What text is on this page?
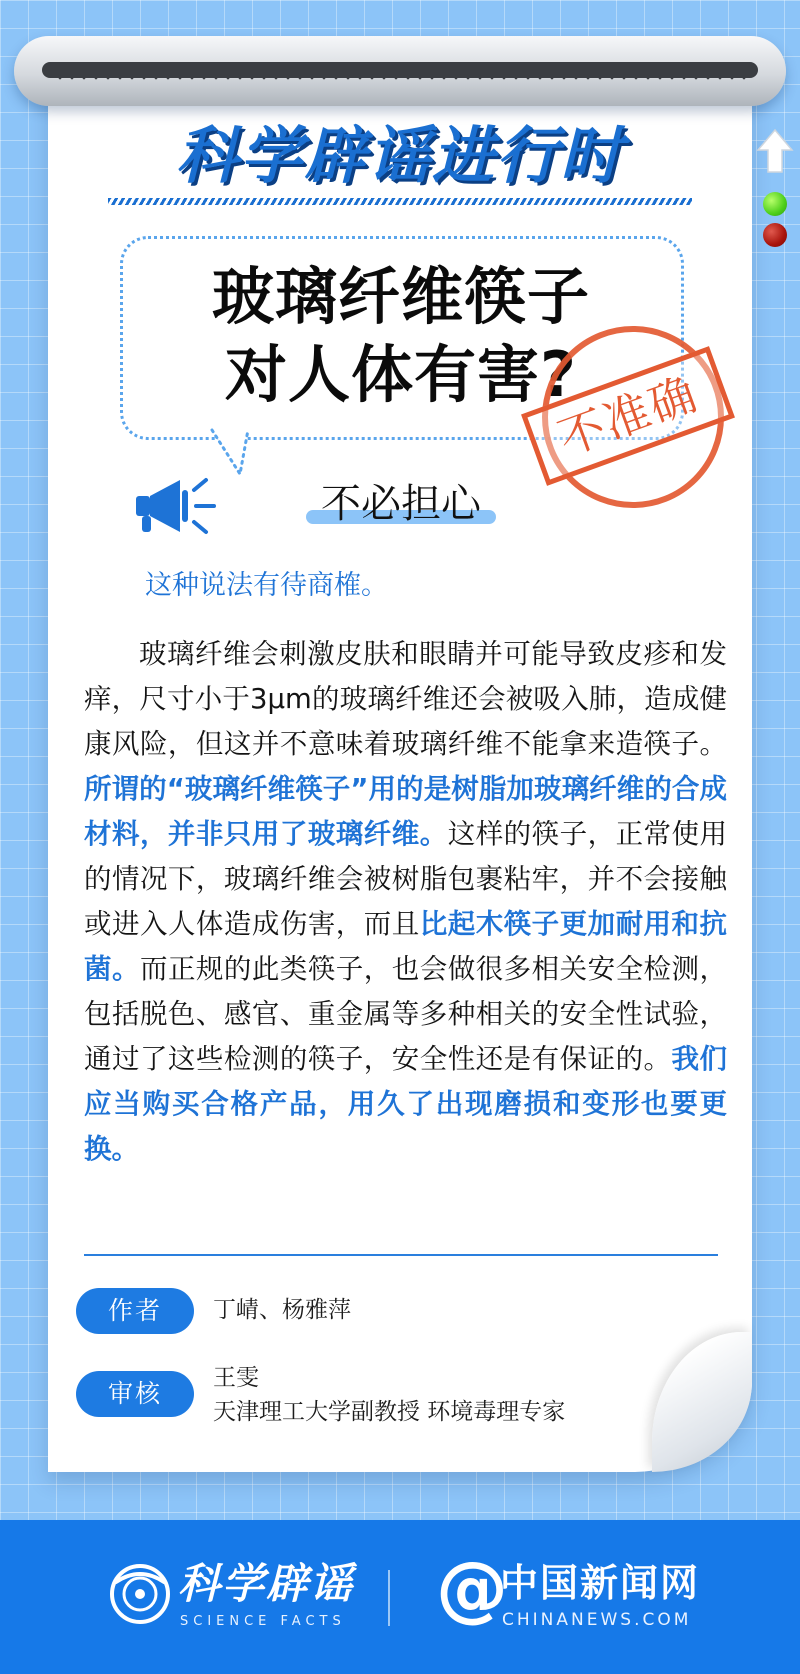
科学辟谣进行时
玻璃纤维筷子
对人体有害?
不准确
不必担心
这种说法有待商榷。
玻璃纤维会刺激皮肤和眼睛并可能导致皮疹和发痒，尺寸小于3μm的玻璃纤维还会被吸入肺，造成健康风险，但这并不意味着玻璃纤维不能拿来造筷子。所谓的“玻璃纤维筷子”用的是树脂加玻璃纤维的合成材料，并非只用了玻璃纤维。这样的筷子，正常使用的情况下，玻璃纤维会被树脂包裹粘牢，并不会接触或进入人体造成伤害，而且比起木筷子更加耐用和抗菌。而正规的此类筷子，也会做很多相关安全检测，包括脱色、感官、重金属等多种相关的安全性试验，通过了这些检测的筷子，安全性还是有保证的。我们应当购买合格产品，用久了出现磨损和变形也要更换。
作者	丁崝、杨雅萍
审核
王雯
天津理工大学副教授 环境毒理专家
科学辟谣
SCIENCE FACTS @
中国新闻网
CHINANEWS.COM
